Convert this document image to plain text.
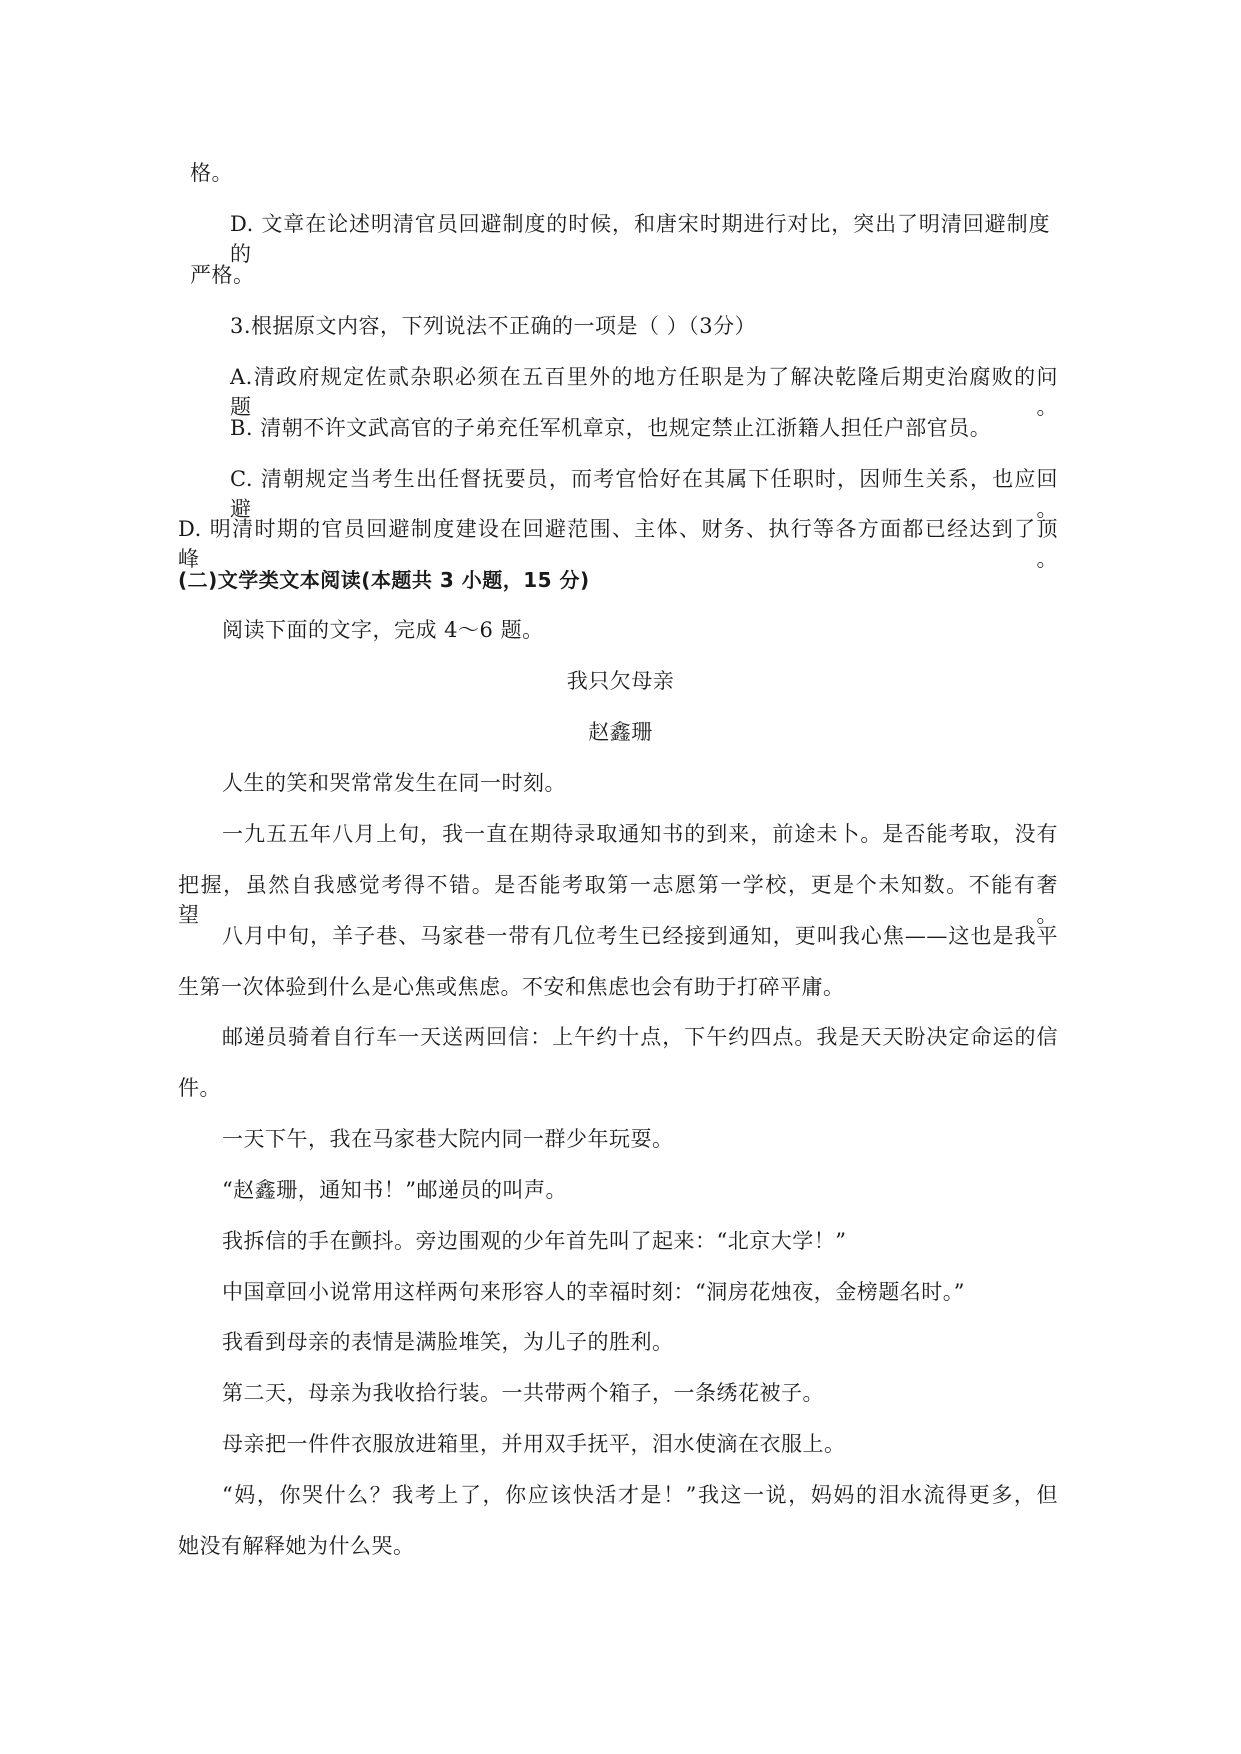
格。
D. 文章在论述明清官员回避制度的时候，和唐宋时期进行对比，突出了明清回避制度的
严格。
3.根据原文内容，下列说法不正确的一项是（ ）（3分）
A.清政府规定佐贰杂职必须在五百里外的地方任职是为了解决乾隆后期吏治腐败的问题。
B. 清朝不许文武高官的子弟充任军机章京，也规定禁止江浙籍人担任户部官员。
C. 清朝规定当考生出任督抚要员，而考官恰好在其属下任职时，因师生关系，也应回避。
D. 明清时期的官员回避制度建设在回避范围、主体、财务、执行等各方面都已经达到了顶峰。
(二)文学类文本阅读(本题共 3 小题，15 分)
阅读下面的文字，完成 4～6 题。
我只欠母亲
赵鑫珊
人生的笑和哭常常发生在同一时刻。
一九五五年八月上旬，我一直在期待录取通知书的到来，前途未卜。是否能考取，没有
把握，虽然自我感觉考得不错。是否能考取第一志愿第一学校，更是个未知数。不能有奢望。
八月中旬，羊子巷、马家巷一带有几位考生已经接到通知，更叫我心焦——这也是我平
生第一次体验到什么是心焦或焦虑。不安和焦虑也会有助于打碎平庸。
邮递员骑着自行车一天送两回信：上午约十点，下午约四点。我是天天盼决定命运的信
件。
一天下午，我在马家巷大院内同一群少年玩耍。
“赵鑫珊，通知书！”邮递员的叫声。
我拆信的手在颤抖。旁边围观的少年首先叫了起来：“北京大学！”
中国章回小说常用这样两句来形容人的幸福时刻：“洞房花烛夜，金榜题名时。”
我看到母亲的表情是满脸堆笑，为儿子的胜利。
第二天，母亲为我收拾行装。一共带两个箱子，一条绣花被子。
母亲把一件件衣服放进箱里，并用双手抚平，泪水使滴在衣服上。
“妈，你哭什么？我考上了，你应该快活才是！”我这一说，妈妈的泪水流得更多，但
她没有解释她为什么哭。
